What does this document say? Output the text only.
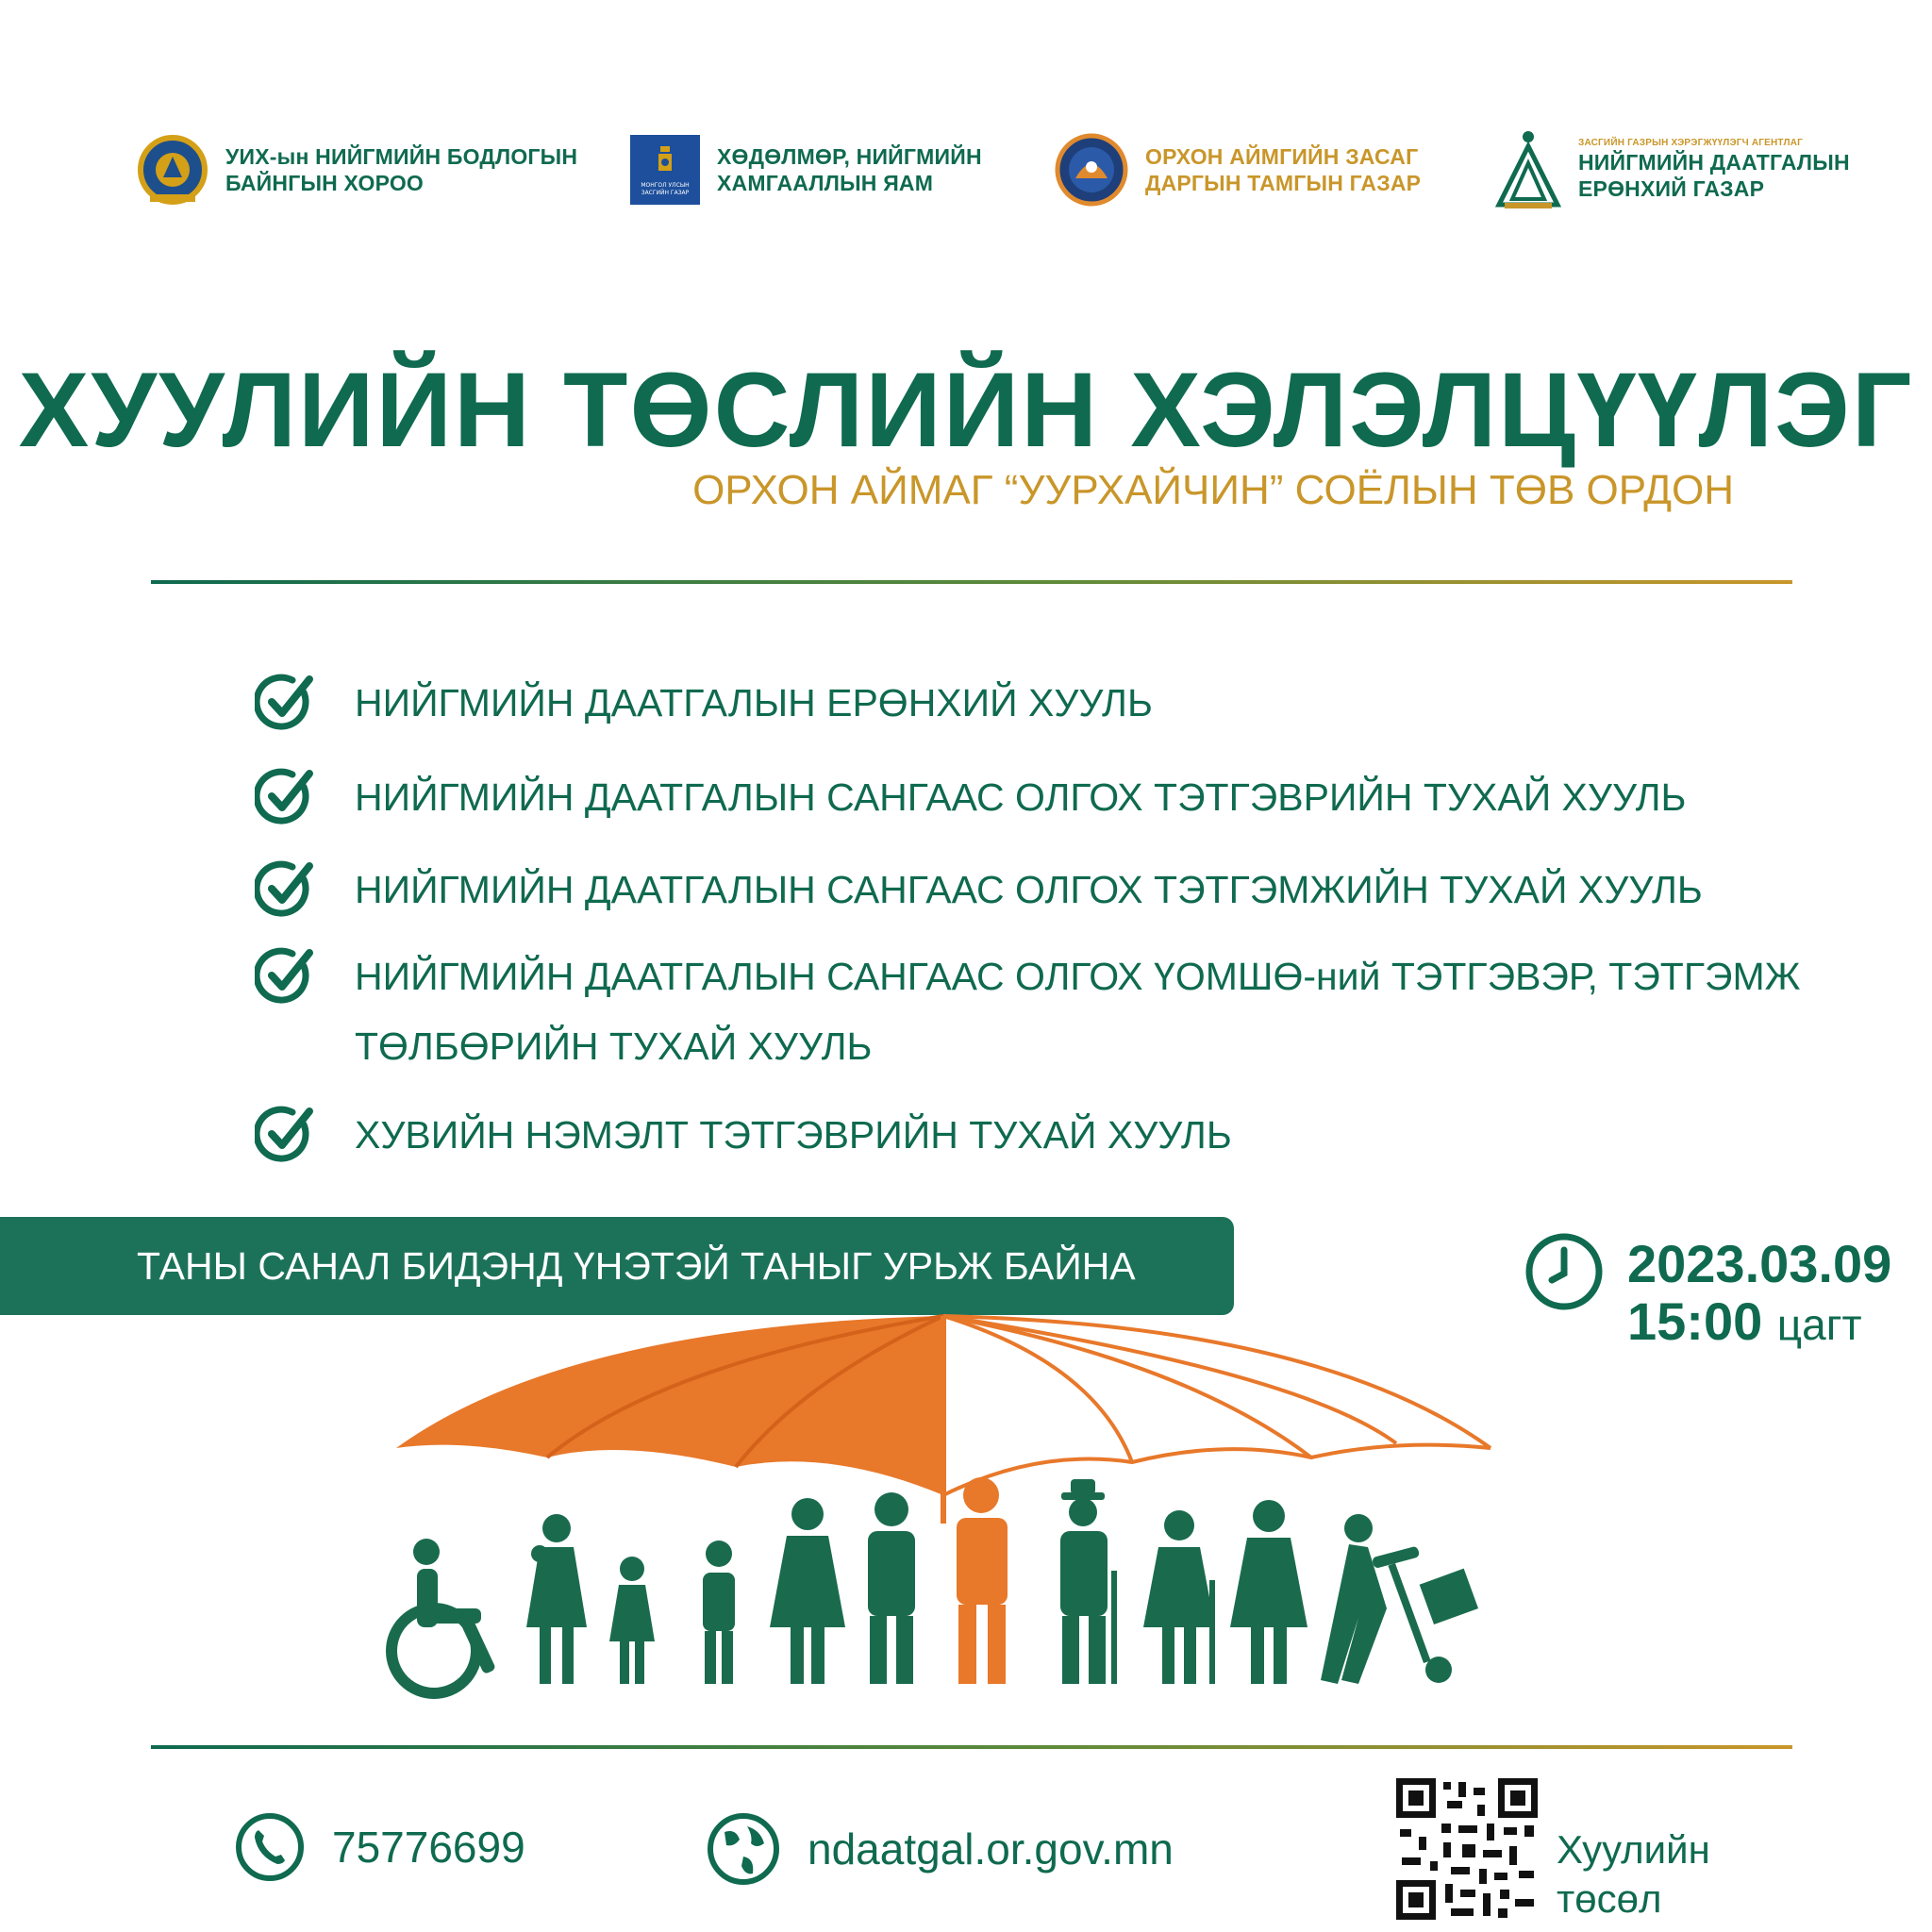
УИХ-ын НИЙГМИЙН БОДЛОГЫН
БАЙНГЫН ХОРОО	МОНГОЛ УЛСЫН
ЗАСГИЙН ГАЗАР
ХӨДӨЛМӨР, НИЙГМИЙН
ХАМГААЛЛЫН ЯАМ
ОРХОН АЙМГИЙН ЗАСАГ
ДАРГЫН ТАМГЫН ГАЗАР
ЗАСГИЙН ГАЗРЫН ХЭРЭГЖҮҮЛЭГЧ АГЕНТЛАГ
НИЙГМИЙН ДААТГАЛЫН
ЕРӨНХИЙ ГАЗАР
ХУУЛИЙН ТӨСЛИЙН ХЭЛЭЛЦҮҮЛЭГ
ОРХОН АЙМАГ “УУРХАЙЧИН” СОЁЛЫН ТӨВ ОРДОН
НИЙГМИЙН ДААТГАЛЫН ЕРӨНХИЙ ХУУЛЬ
НИЙГМИЙН ДААТГАЛЫН САНГААС ОЛГОХ ТЭТГЭВРИЙН ТУХАЙ ХУУЛЬ
НИЙГМИЙН ДААТГАЛЫН САНГААС ОЛГОХ ТЭТГЭМЖИЙН ТУХАЙ ХУУЛЬ
НИЙГМИЙН ДААТГАЛЫН САНГААС ОЛГОХ ҮОМШӨ-ний ТЭТГЭВЭР, ТЭТГЭМЖ
ТӨЛБӨРИЙН ТУХАЙ ХУУЛЬ
ХУВИЙН НЭМЭЛТ ТЭТГЭВРИЙН ТУХАЙ ХУУЛЬ
ТАНЫ САНАЛ БИДЭНД ҮНЭТЭЙ ТАНЫГ УРЬЖ БАЙНА	2023.03.09
15:00 цагт
75776699	ndaatgal.or.gov.mn	Хуулийн
төсөл
